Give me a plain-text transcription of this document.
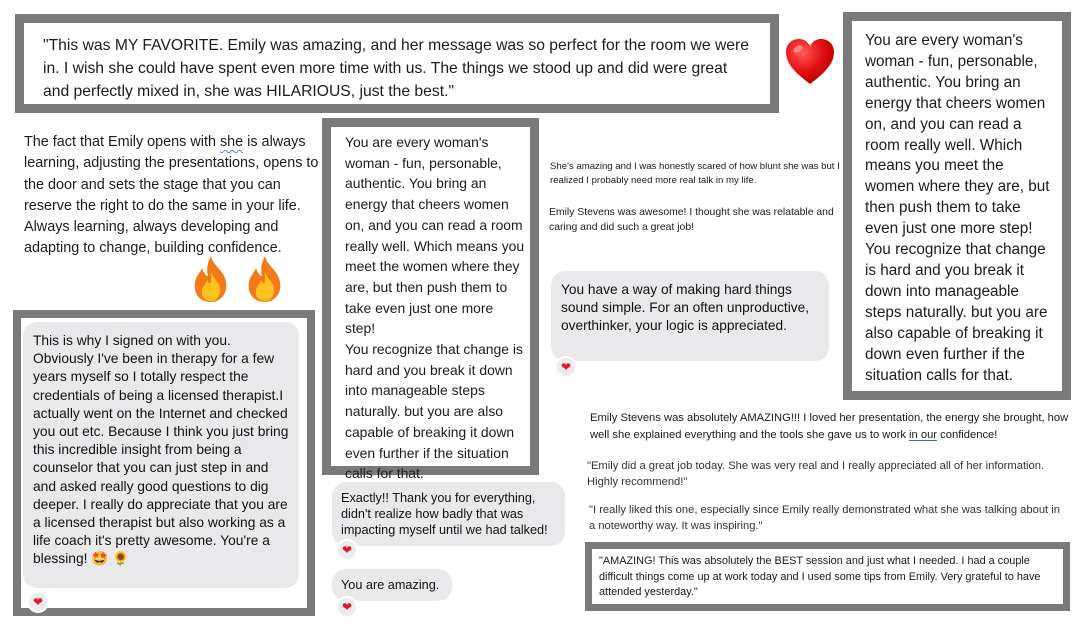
"This was MY FAVORITE. Emily was amazing, and her message was so perfect for the room we were in. I wish she could have spent even more time with us. The things we stood up and did were great and perfectly mixed in, she was HILARIOUS, just the best."

You are every woman's woman - fun, personable, authentic. You bring an energy that cheers women on, and you can read a room really well. Which means you meet the women where they are, but then push them to take even just one more step!
You recognize that change is hard and you break it down into manageable steps naturally. but you are also capable of breaking it down even further if the situation calls for that.

The fact that Emily opens with she is always learning, adjusting the presentations, opens to the door and sets the stage that you can reserve the right to do the same in your life. Always learning, always developing and adapting to change, building confidence.

This is why I signed on with you. Obviously I've been in therapy for a few years myself so I totally respect the credentials of being a licensed therapist.I actually went on the Internet and checked you out etc. Because I think you just bring this incredible insight from being a counselor that you can just step in and and asked really good questions to dig deeper. I really do appreciate that you are a licensed therapist but also working as a life coach it's pretty awesome. You're a blessing! 🤩 🌻

❤

You are every woman's woman - fun, personable, authentic. You bring an energy that cheers women on, and you can read a room really well. Which means you meet the women where they are, but then push them to take even just one more step!
You recognize that change is hard and you break it down into manageable steps naturally. but you are also capable of breaking it down even further if the situation calls for that.

She's amazing and I was honestly scared of how blunt she was but I realized I probably need more real talk in my life.

Emily Stevens was awesome! I thought she was relatable and caring and did such a great job!

You have a way of making hard things sound simple. For an often unproductive, overthinker, your logic is appreciated.

❤

Exactly!! Thank you for everything, didn't realize how badly that was impacting myself until we had talked!

❤

You are amazing.

❤

Emily Stevens was absolutely AMAZING!!! I loved her presentation, the energy she brought, how well she explained everything and the tools she gave us to work in our confidence!

"Emily did a great job today. She was very real and I really appreciated all of her information. Highly recommend!"

"I really liked this one, especially since Emily really demonstrated what she was talking about in a noteworthy way. It was inspiring."

"AMAZING! This was absolutely the BEST session and just what I needed. I had a couple difficult things come up at work today and I used some tips from Emily. Very grateful to have attended yesterday."
